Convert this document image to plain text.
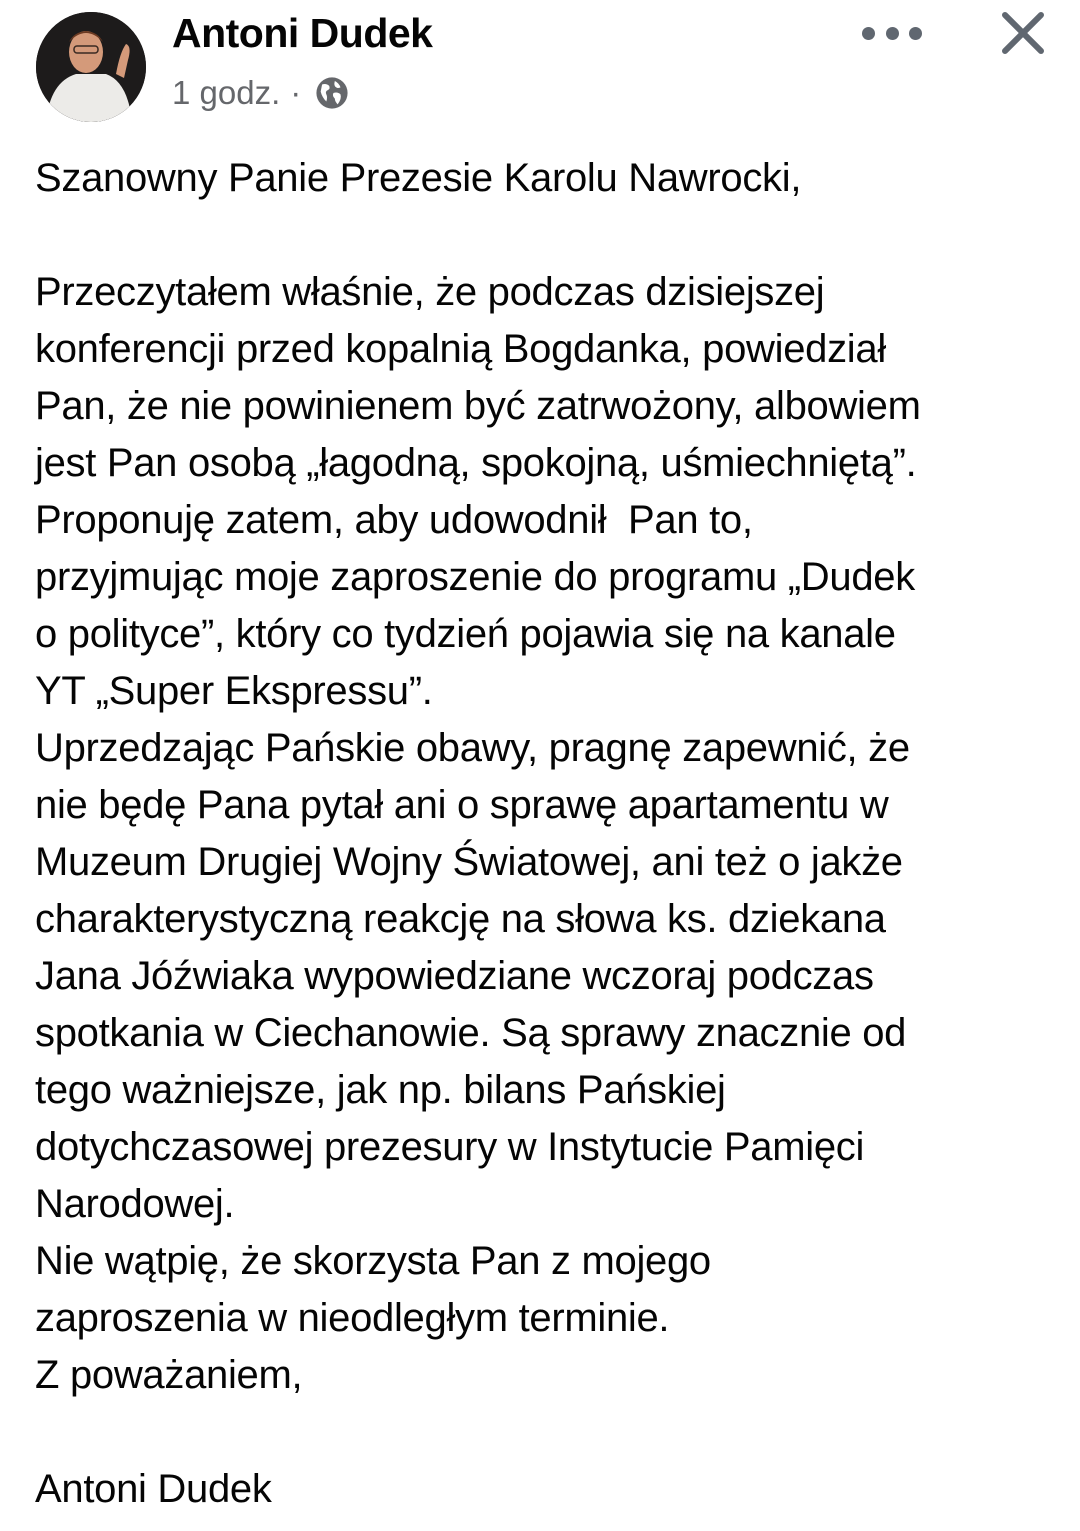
Antoni Dudek
1 godz. ·
Szanowny Panie Prezesie Karolu Nawrocki,
Przeczytałem właśnie, że podczas dzisiejszej
konferencji przed kopalnią Bogdanka, powiedział
Pan, że nie powinienem być zatrwożony, albowiem
jest Pan osobą „łagodną, spokojną, uśmiechniętą”.
Proponuję zatem, aby udowodnił  Pan to,
przyjmując moje zaproszenie do programu „Dudek
o polityce”, który co tydzień pojawia się na kanale
YT „Super Ekspressu”.
Uprzedzając Pańskie obawy, pragnę zapewnić, że
nie będę Pana pytał ani o sprawę apartamentu w
Muzeum Drugiej Wojny Światowej, ani też o jakże
charakterystyczną reakcję na słowa ks. dziekana
Jana Jóźwiaka wypowiedziane wczoraj podczas
spotkania w Ciechanowie. Są sprawy znacznie od
tego ważniejsze, jak np. bilans Pańskiej
dotychczasowej prezesury w Instytucie Pamięci
Narodowej.
Nie wątpię, że skorzysta Pan z mojego
zaproszenia w nieodległym terminie.
Z poważaniem,
Antoni Dudek
